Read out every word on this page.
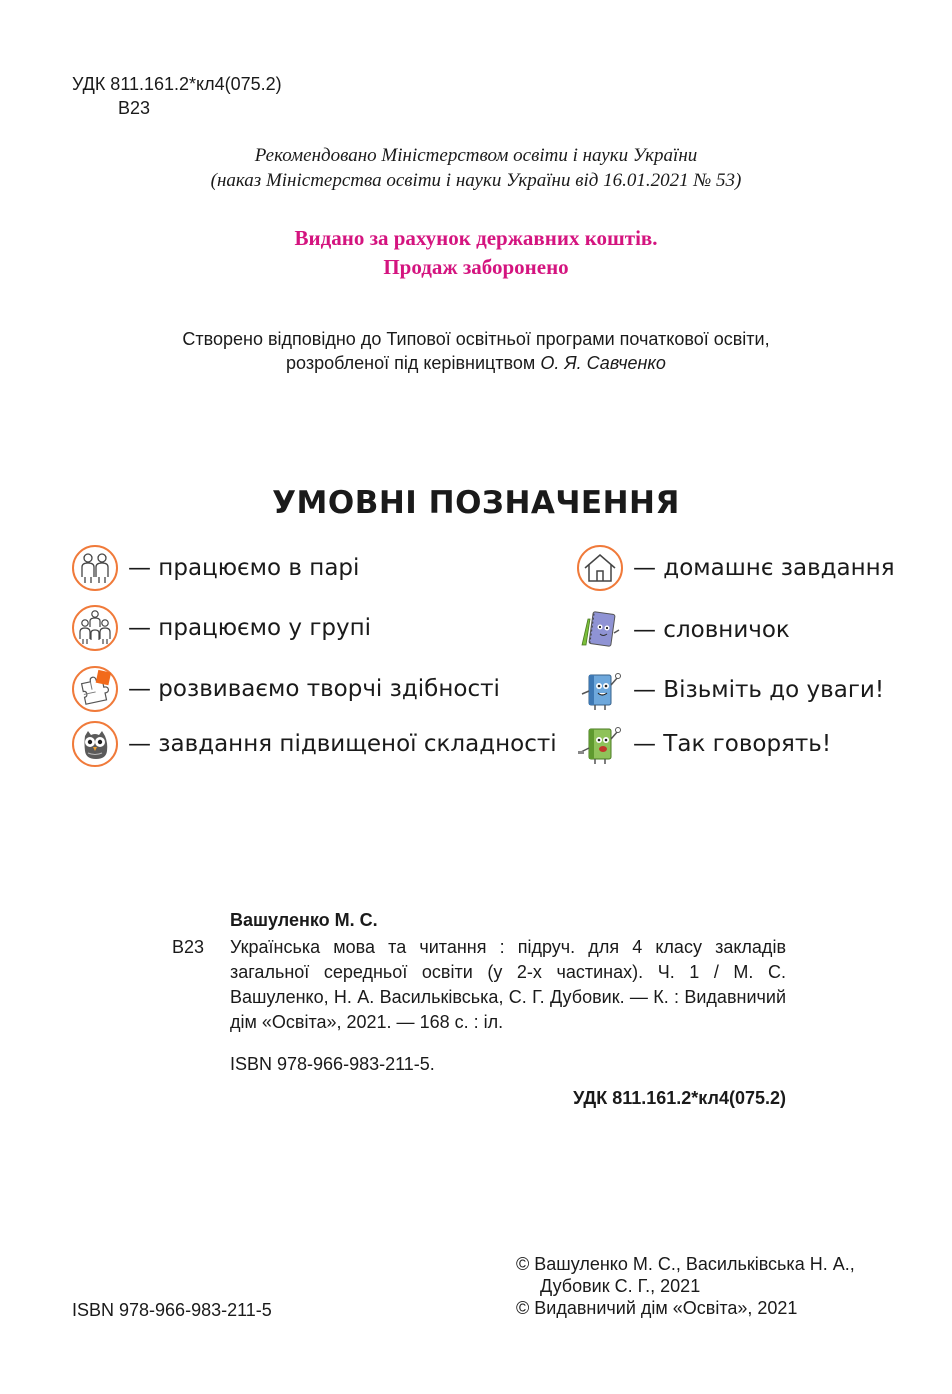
УДК 811.161.2*кл4(075.2)
В23
Рекомендовано Міністерством освіти і науки України
(наказ Міністерства освіти і науки України від 16.01.2021 № 53)
Видано за рахунок державних коштів.
Продаж заборонено
Створено відповідно до Типової освітньої програми початкової освіти,
розробленої під керівництвом О. Я. Савченко
УМОВНІ ПОЗНАЧЕННЯ
— працюємо в парі
— працюємо у групі
— розвиваємо творчі здібності
— завдання підвищеної складності
— домашнє завдання
— словничок
— Візьміть до уваги!
— Так говорять!
Вашуленко М. С.
В23 Українська мова та читання : підруч. для 4 класу закладів загальної середньої освіти (у 2-х частинах). Ч. 1 / М. С. Вашуленко, Н. А. Васильківська, С. Г. Дубовик. — К. : Видавничий дім «Освіта», 2021. — 168 с. : іл.
ISBN 978-966-983-211-5.
УДК 811.161.2*кл4(075.2)
© Вашуленко М. С., Васильківська Н. А.,
Дубовик С. Г., 2021
© Видавничий дім «Освіта», 2021
ISBN 978-966-983-211-5
